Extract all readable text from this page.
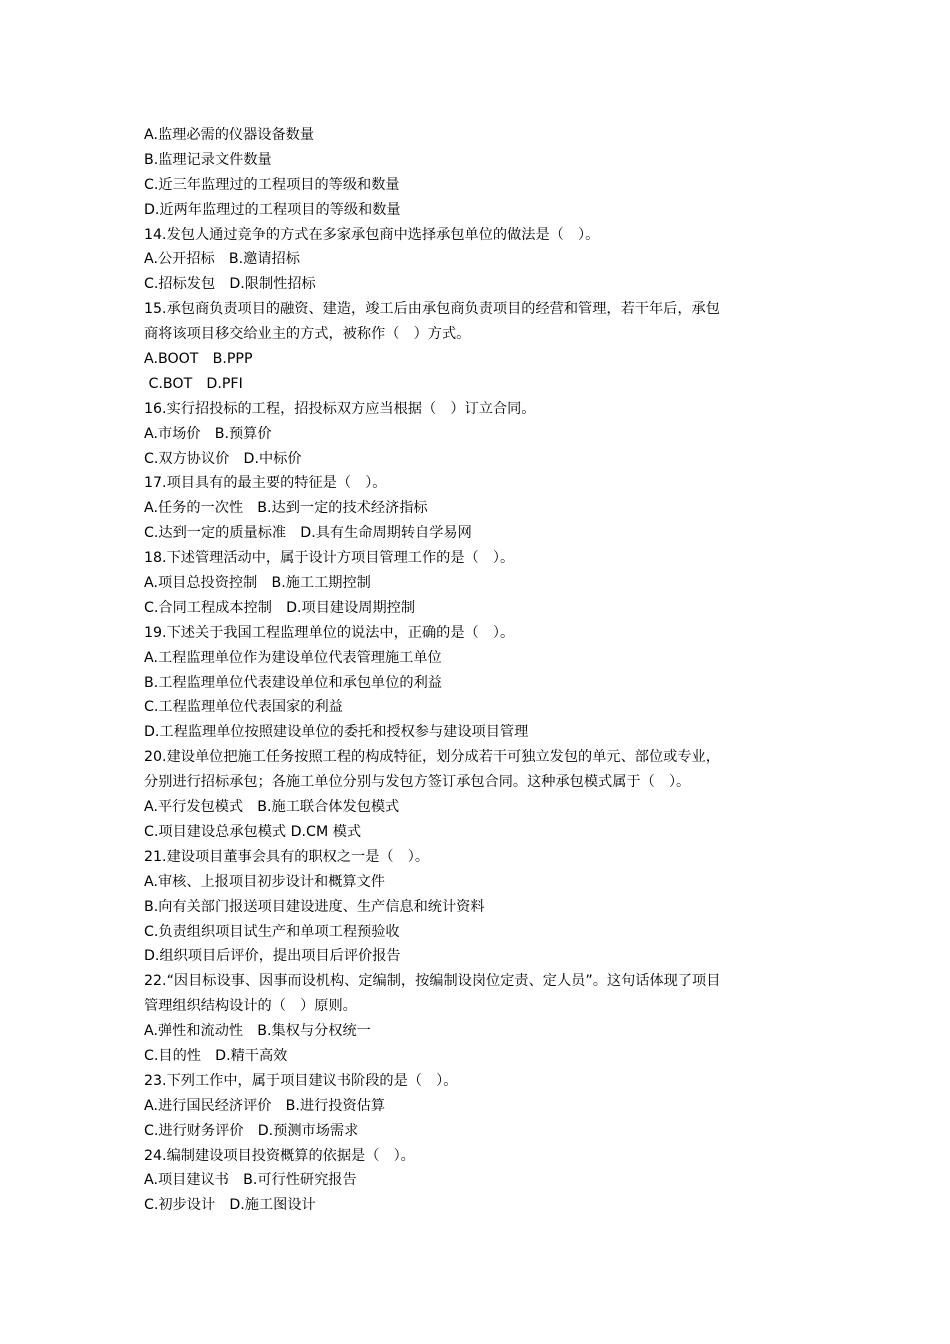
A.监理必需的仪器设备数量
B.监理记录文件数量
C.近三年监理过的工程项目的等级和数量
D.近两年监理过的工程项目的等级和数量
14.发包人通过竞争的方式在多家承包商中选择承包单位的做法是（　）。
A.公开招标　B.邀请招标
C.招标发包　D.限制性招标
15.承包商负责项目的融资、建造，竣工后由承包商负责项目的经营和管理，若干年后，承包
商将该项目移交给业主的方式，被称作（　）方式。
A.BOOT　B.PPP
C.BOT　D.PFI
16.实行招投标的工程，招投标双方应当根据（　）订立合同。
A.市场价　B.预算价
C.双方协议价　D.中标价
17.项目具有的最主要的特征是（　）。
A.任务的一次性　B.达到一定的技术经济指标
C.达到一定的质量标准　D.具有生命周期转自学易网
18.下述管理活动中，属于设计方项目管理工作的是（　）。
A.项目总投资控制　B.施工工期控制
C.合同工程成本控制　D.项目建设周期控制
19.下述关于我国工程监理单位的说法中，正确的是（　）。
A.工程监理单位作为建设单位代表管理施工单位
B.工程监理单位代表建设单位和承包单位的利益
C.工程监理单位代表国家的利益
D.工程监理单位按照建设单位的委托和授权参与建设项目管理
20.建设单位把施工任务按照工程的构成特征，划分成若干可独立发包的单元、部位或专业，
分别进行招标承包；各施工单位分别与发包方签订承包合同。这种承包模式属于（　）。
A.平行发包模式　B.施工联合体发包模式
C.项目建设总承包模式 D.CM 模式
21.建设项目董事会具有的职权之一是（　）。
A.审核、上报项目初步设计和概算文件
B.向有关部门报送项目建设进度、生产信息和统计资料
C.负责组织项目试生产和单项工程预验收
D.组织项目后评价，提出项目后评价报告
22.“因目标设事、因事而设机构、定编制，按编制设岗位定责、定人员”。这句话体现了项目
管理组织结构设计的（　）原则。
A.弹性和流动性　B.集权与分权统一
C.目的性　D.精干高效
23.下列工作中，属于项目建议书阶段的是（　）。
A.进行国民经济评价　B.进行投资估算
C.进行财务评价　D.预测市场需求
24.编制建设项目投资概算的依据是（　）。
A.项目建议书　B.可行性研究报告
C.初步设计　D.施工图设计
